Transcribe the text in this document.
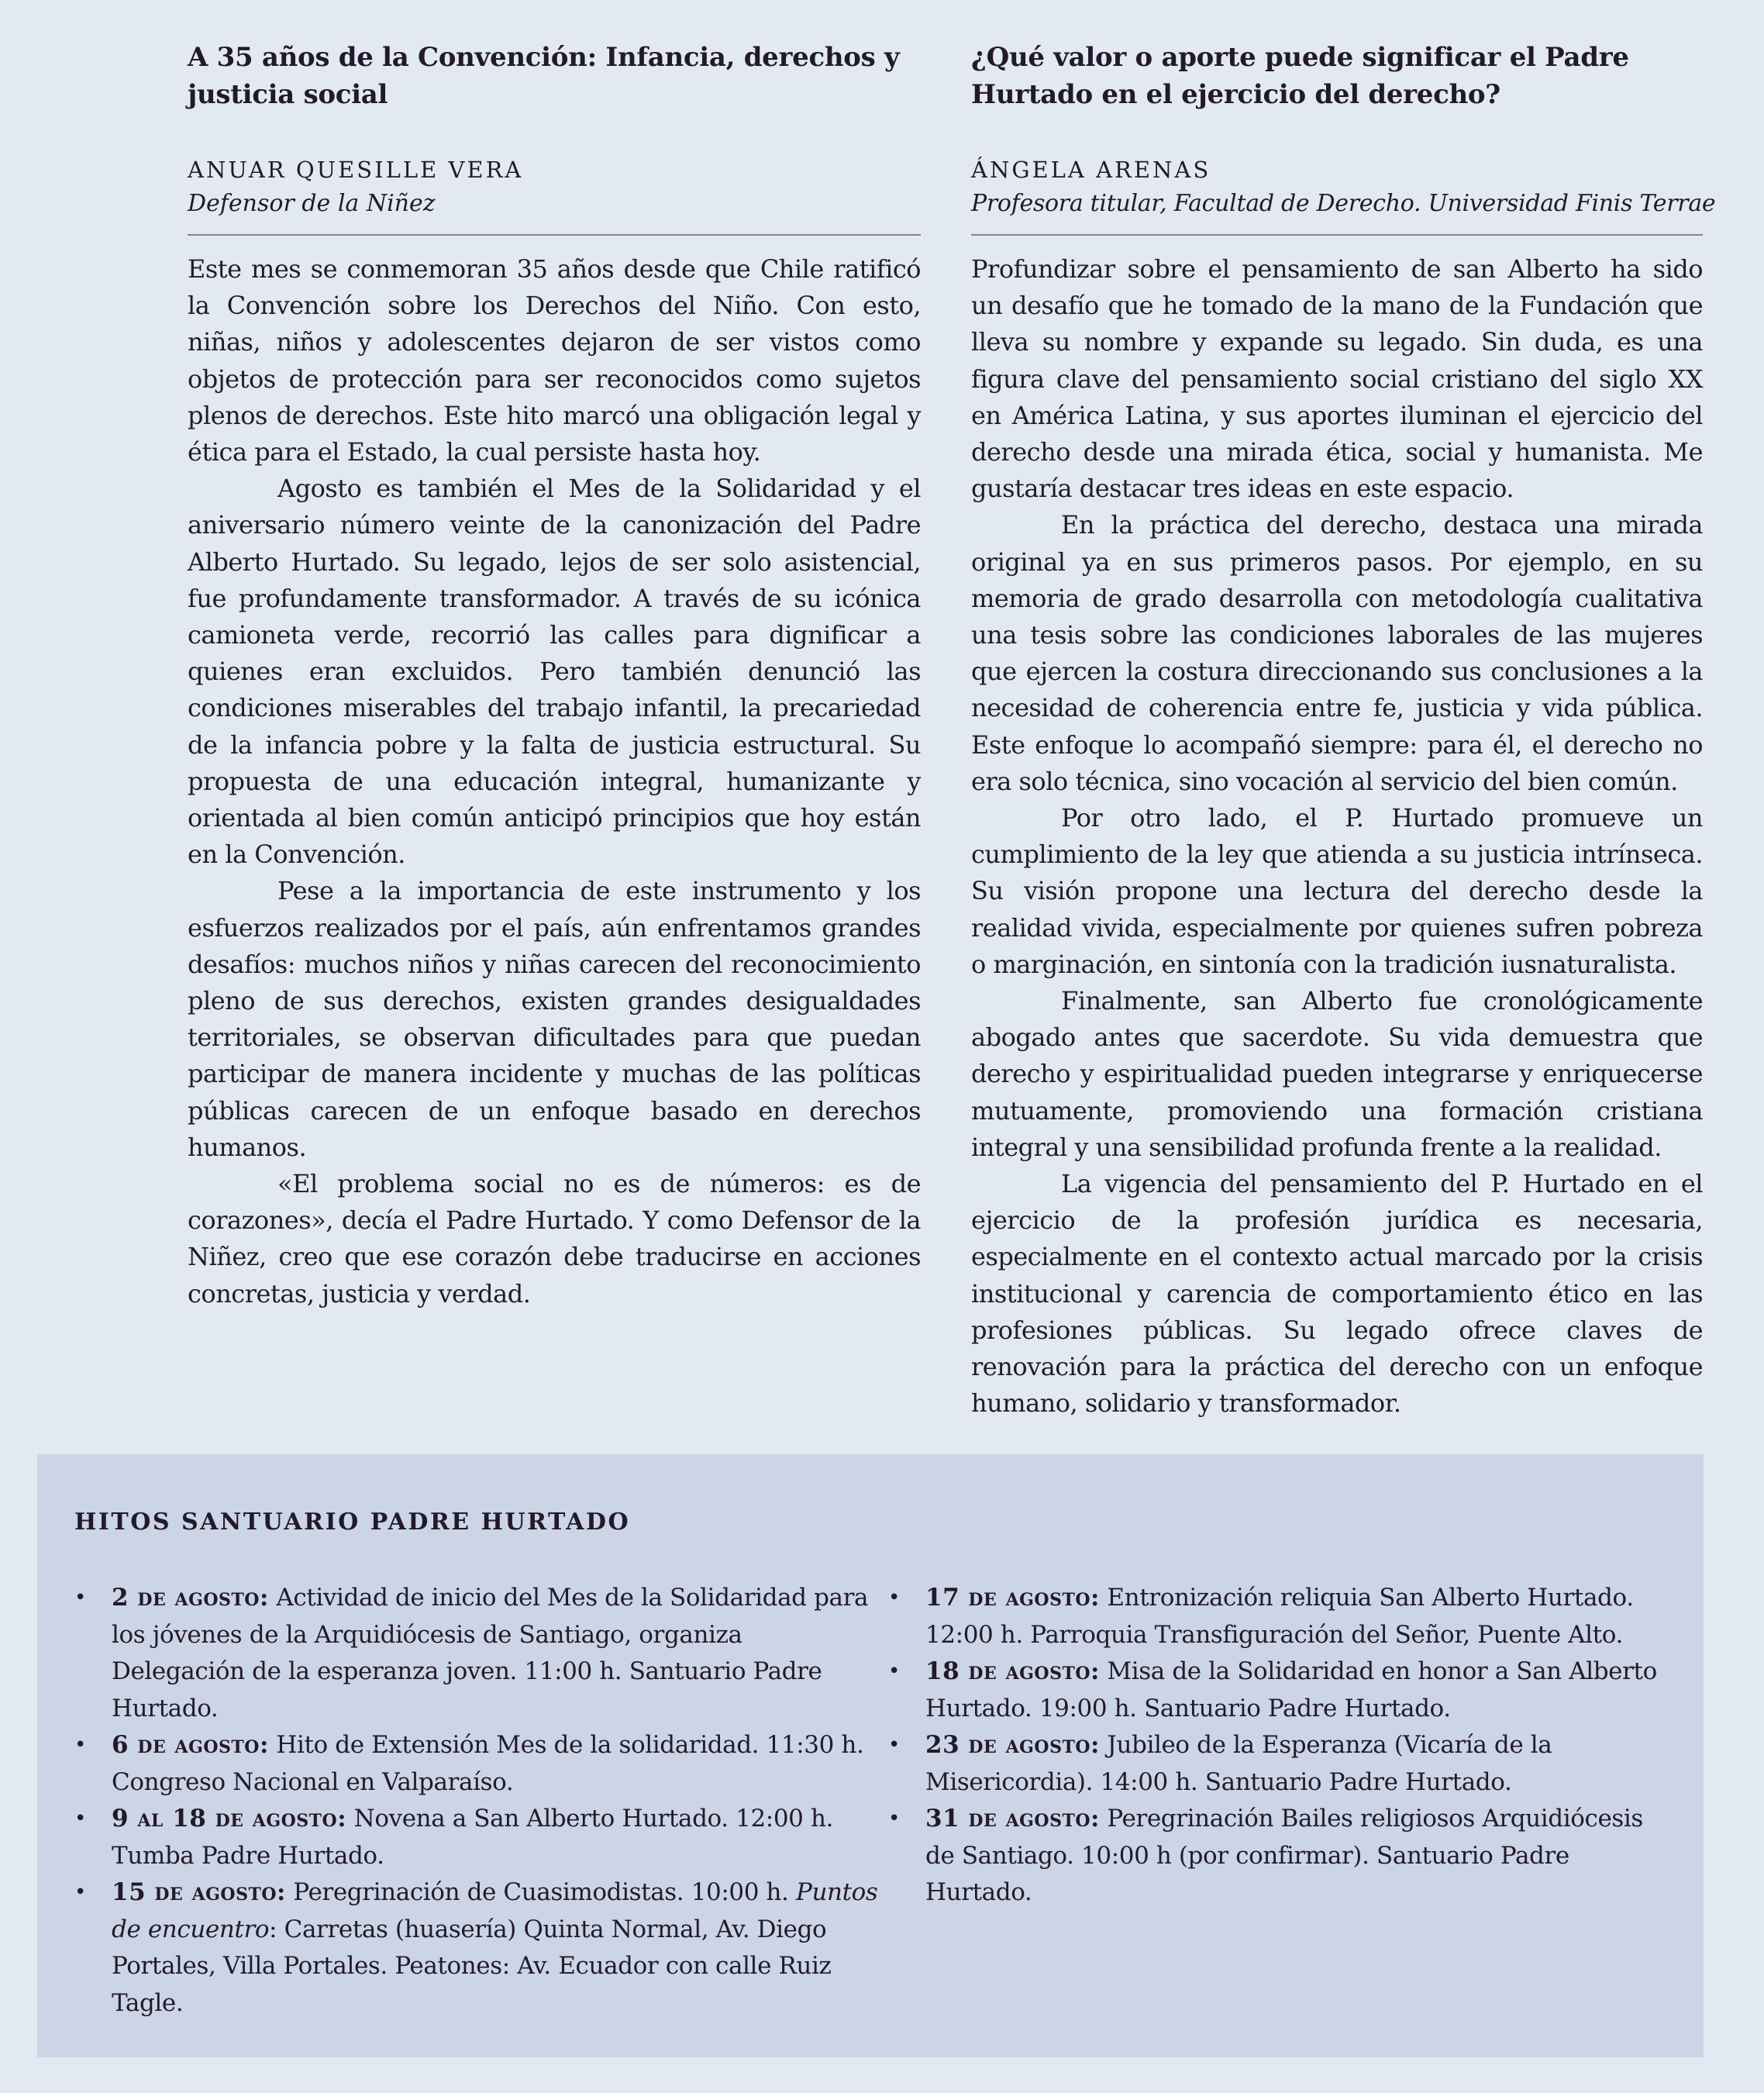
A 35 años de la Convención: Infancia, derechos y justicia social
ANUAR QUESILLE VERA
Defensor de la Niñez

Este mes se conmemoran 35 años desde que Chile ratificó la Convención sobre los Derechos del Niño. Con esto, niñas, niños y adolescentes dejaron de ser vistos como objetos de protección para ser reconocidos como sujetos plenos de derechos. Este hito marcó una obligación legal y ética para el Estado, la cual persiste hasta hoy.

Agosto es también el Mes de la Solidaridad y el aniversario número veinte de la canonización del Padre Alberto Hurtado. Su legado, lejos de ser solo asistencial, fue profundamente transformador. A través de su icónica camioneta verde, recorrió las calles para dignificar a quienes eran excluidos. Pero también denunció las condiciones miserables del trabajo infantil, la precariedad de la infancia pobre y la falta de justicia estructural. Su propuesta de una educación integral, humanizante y orientada al bien común anticipó principios que hoy están en la Convención.

Pese a la importancia de este instrumento y los esfuerzos realizados por el país, aún enfrentamos grandes desafíos: muchos niños y niñas carecen del reconocimiento pleno de sus derechos, existen grandes desigualdades territoriales, se observan dificultades para que puedan participar de manera incidente y muchas de las políticas públicas carecen de un enfoque basado en derechos humanos.

«El problema social no es de números: es de corazones», decía el Padre Hurtado. Y como Defensor de la Niñez, creo que ese corazón debe traducirse en acciones concretas, justicia y verdad.

¿Qué valor o aporte puede significar el Padre Hurtado en el ejercicio del derecho?
ÁNGELA ARENAS
Profesora titular, Facultad de Derecho. Universidad Finis Terrae

Profundizar sobre el pensamiento de san Alberto ha sido un desafío que he tomado de la mano de la Fundación que lleva su nombre y expande su legado. Sin duda, es una figura clave del pensamiento social cristiano del siglo XX en América Latina, y sus aportes iluminan el ejercicio del derecho desde una mirada ética, social y humanista. Me gustaría destacar tres ideas en este espacio.

En la práctica del derecho, destaca una mirada original ya en sus primeros pasos. Por ejemplo, en su memoria de grado desarrolla con metodología cualitativa una tesis sobre las condiciones laborales de las mujeres que ejercen la costura direccionando sus conclusiones a la necesidad de coherencia entre fe, justicia y vida pública. Este enfoque lo acompañó siempre: para él, el derecho no era solo técnica, sino vocación al servicio del bien común.

Por otro lado, el P. Hurtado promueve un cumplimiento de la ley que atienda a su justicia intrínseca. Su visión propone una lectura del derecho desde la realidad vivida, especialmente por quienes sufren pobreza o marginación, en sintonía con la tradición iusnaturalista.

Finalmente, san Alberto fue cronológicamente abogado antes que sacerdote. Su vida demuestra que derecho y espiritualidad pueden integrarse y enriquecerse mutuamente, promoviendo una formación cristiana integral y una sensibilidad profunda frente a la realidad.

La vigencia del pensamiento del P. Hurtado en el ejercicio de la profesión jurídica es necesaria, especialmente en el contexto actual marcado por la crisis institucional y carencia de comportamiento ético en las profesiones públicas. Su legado ofrece claves de renovación para la práctica del derecho con un enfoque humano, solidario y transformador.

HITOS SANTUARIO PADRE HURTADO
• 2 de agosto: Actividad de inicio del Mes de la Solidaridad para los jóvenes de la Arquidiócesis de Santiago, organiza Delegación de la esperanza joven. 11:00 h. Santuario Padre Hurtado.
• 6 de agosto: Hito de Extensión Mes de la solidaridad. 11:30 h. Congreso Nacional en Valparaíso.
• 9 al 18 de agosto: Novena a San Alberto Hurtado. 12:00 h. Tumba Padre Hurtado.
• 15 de agosto: Peregrinación de Cuasimodistas. 10:00 h. Puntos de encuentro: Carretas (huasería) Quinta Normal, Av. Diego Portales, Villa Portales. Peatones: Av. Ecuador con calle Ruiz Tagle.
• 17 de agosto: Entronización reliquia San Alberto Hurtado. 12:00 h. Parroquia Transfiguración del Señor, Puente Alto.
• 18 de agosto: Misa de la Solidaridad en honor a San Alberto Hurtado. 19:00 h. Santuario Padre Hurtado.
• 23 de agosto: Jubileo de la Esperanza (Vicaría de la Misericordia). 14:00 h. Santuario Padre Hurtado.
• 31 de agosto: Peregrinación Bailes religiosos Arquidiócesis de Santiago. 10:00 h (por confirmar). Santuario Padre Hurtado.
